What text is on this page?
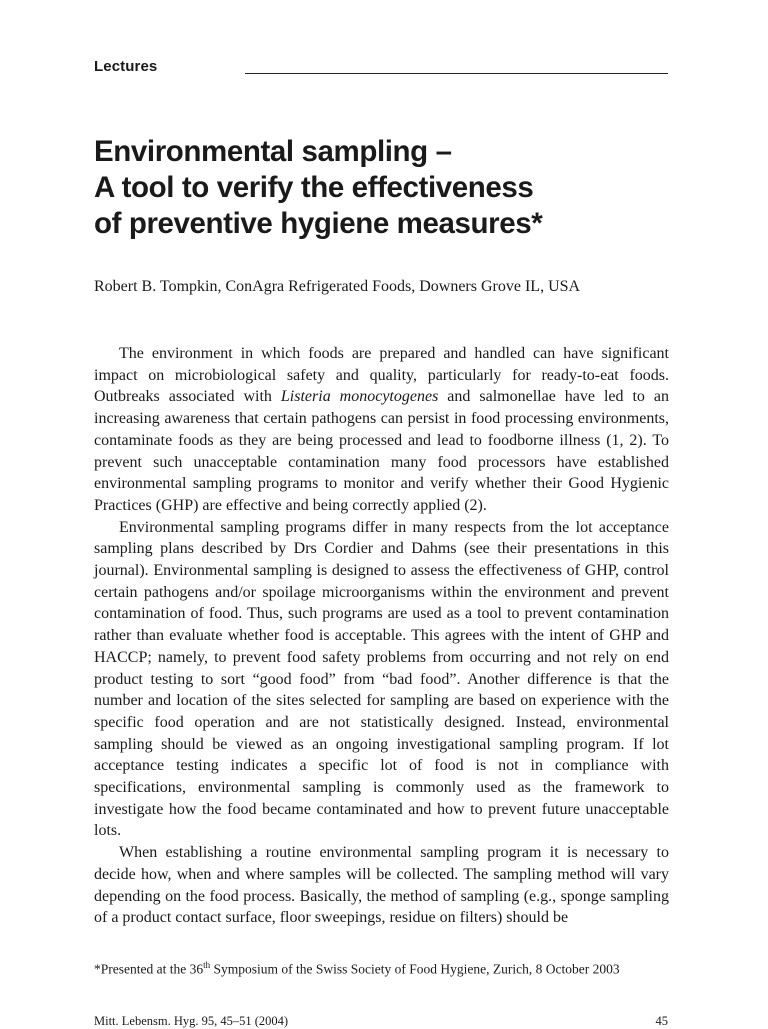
Lectures
Environmental sampling –
A tool to verify the effectiveness
of preventive hygiene measures*

Robert B. Tompkin, ConAgra Refrigerated Foods, Downers Grove IL, USA

The environment in which foods are prepared and handled can have significant impact on microbiological safety and quality, particularly for ready-to-eat foods. Outbreaks associated with Listeria monocytogenes and salmonellae have led to an increasing awareness that certain pathogens can persist in food processing environments, contaminate foods as they are being processed and lead to foodborne illness (1, 2). To prevent such unacceptable contamination many food processors have established environmental sampling programs to monitor and verify whether their Good Hygienic Practices (GHP) are effective and being correctly applied (2).

Environmental sampling programs differ in many respects from the lot acceptance sampling plans described by Drs Cordier and Dahms (see their presentations in this journal). Environmental sampling is designed to assess the effectiveness of GHP, control certain pathogens and/or spoilage microorganisms within the environment and prevent contamination of food. Thus, such programs are used as a tool to prevent contamination rather than evaluate whether food is acceptable. This agrees with the intent of GHP and HACCP; namely, to prevent food safety problems from occurring and not rely on end product testing to sort “good food” from “bad food”. Another difference is that the number and location of the sites selected for sampling are based on experience with the specific food operation and are not statistically designed. Instead, environmental sampling should be viewed as an ongoing investigational sampling program. If lot acceptance testing indicates a specific lot of food is not in compliance with specifications, environmental sampling is commonly used as the framework to investigate how the food became contaminated and how to prevent future unacceptable lots.

When establishing a routine environmental sampling program it is necessary to decide how, when and where samples will be collected. The sampling method will vary depending on the food process. Basically, the method of sampling (e.g., sponge sampling of a product contact surface, floor sweepings, residue on filters) should be

*Presented at the 36th Symposium of the Swiss Society of Food Hygiene, Zurich, 8 October 2003

Mitt. Lebensm. Hyg. 95, 45–51 (2004)	45
